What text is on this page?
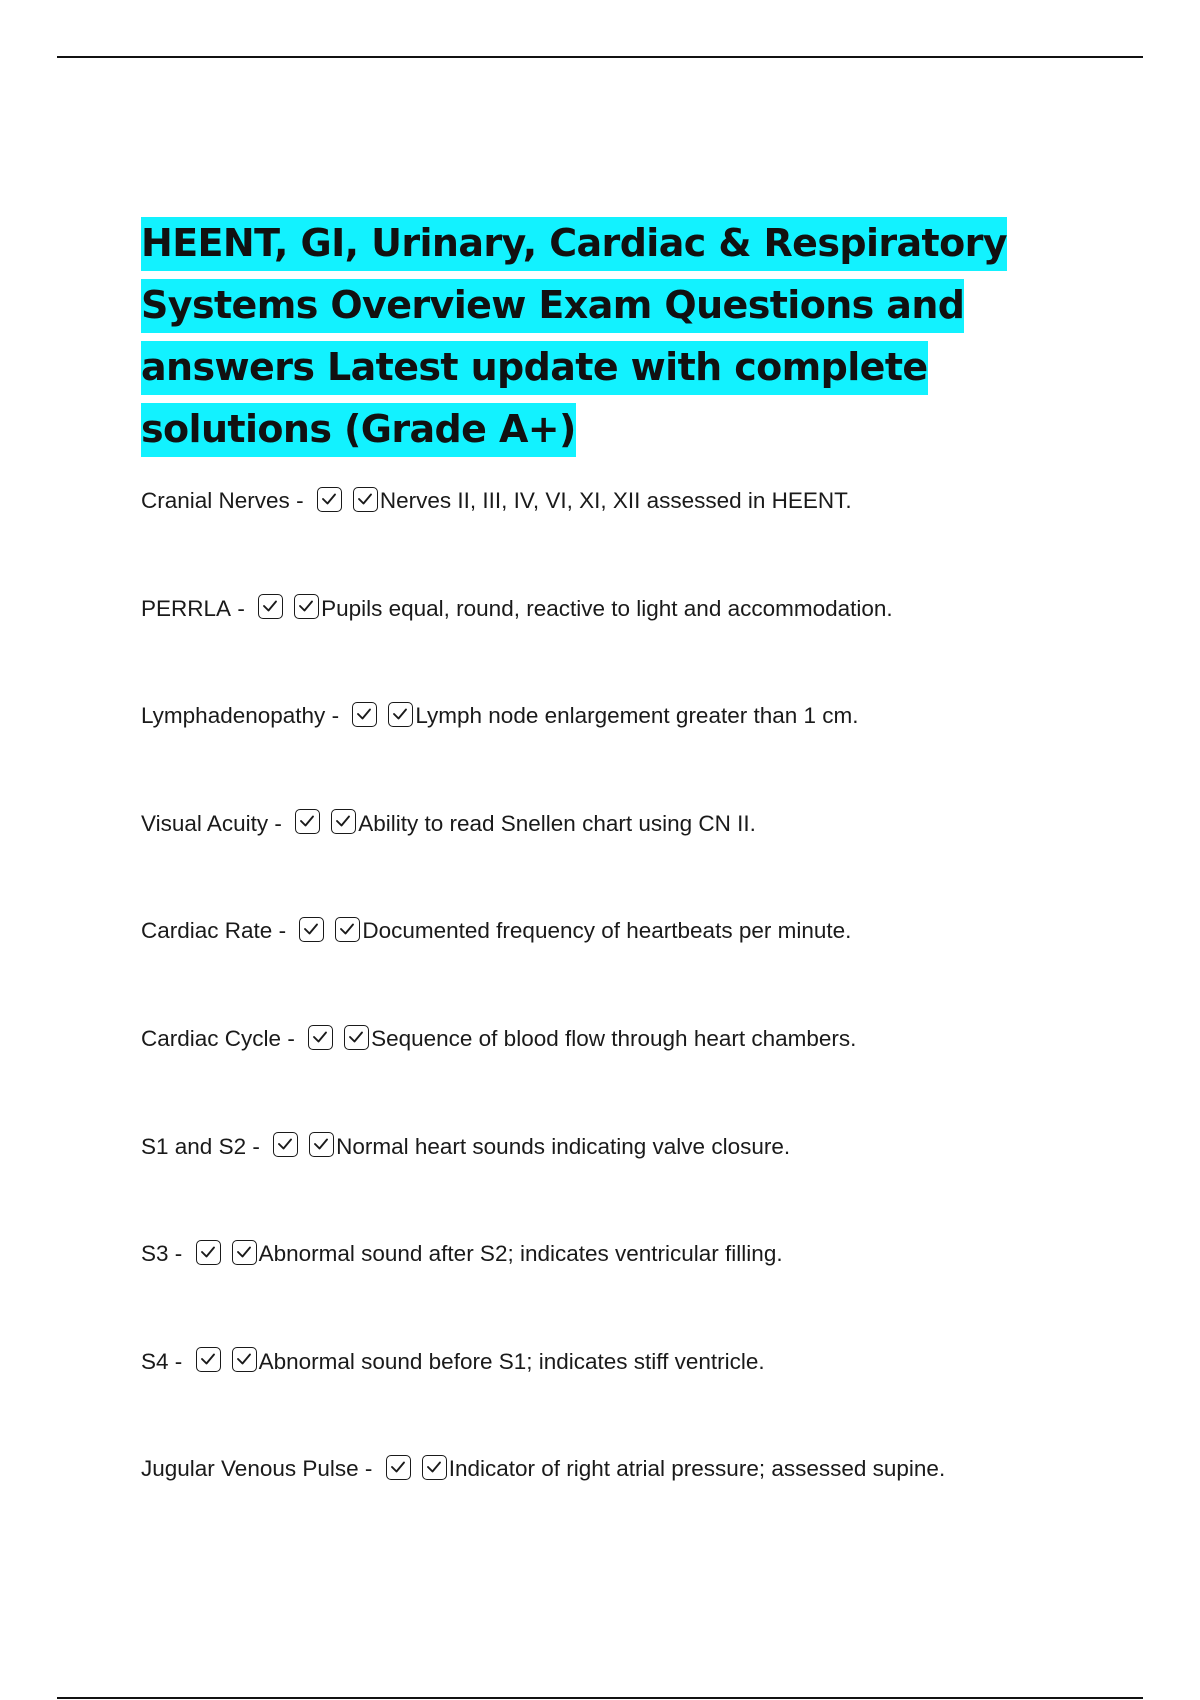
HEENT, GI, Urinary, Cardiac & Respiratory
Systems Overview Exam Questions and
answers Latest update with complete
solutions (Grade A+)
Cranial Nerves -	Nerves II, III, IV, VI, XI, XII assessed in HEENT.
PERRLA -	Pupils equal, round, reactive to light and accommodation.
Lymphadenopathy -	Lymph node enlargement greater than 1 cm.
Visual Acuity -	Ability to read Snellen chart using CN II.
Cardiac Rate -	Documented frequency of heartbeats per minute.
Cardiac Cycle -	Sequence of blood flow through heart chambers.
S1 and S2 -	Normal heart sounds indicating valve closure.
S3 -	Abnormal sound after S2; indicates ventricular filling.
S4 -	Abnormal sound before S1; indicates stiff ventricle.
Jugular Venous Pulse -	Indicator of right atrial pressure; assessed supine.
